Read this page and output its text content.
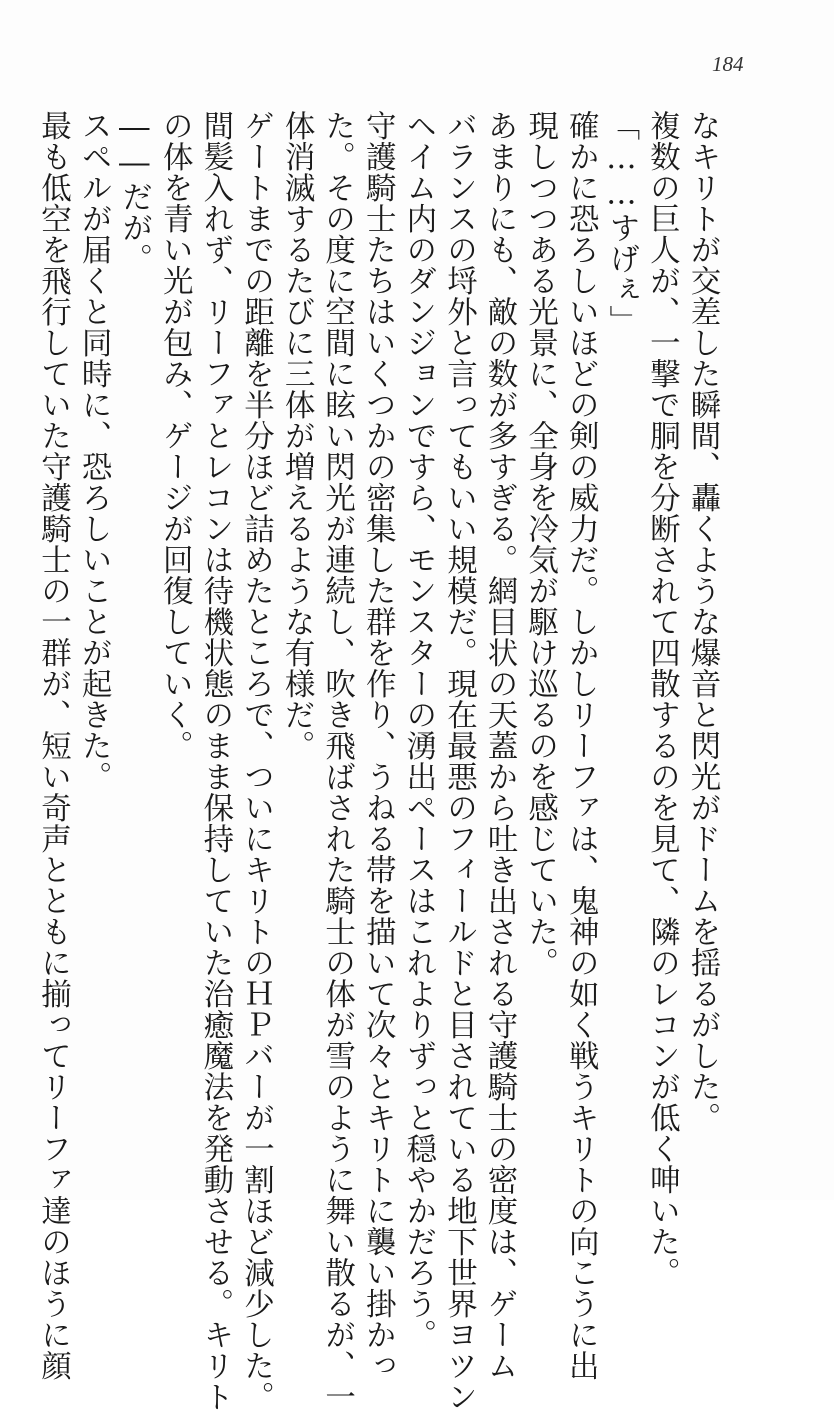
184

なキリトが交差した瞬間、轟くような爆音と閃光がドームを揺るがした。

複数の巨人が、一撃で胴を分断されて四散するのを見て、隣のレコンが低く呻いた。

「……すげぇ」

確かに恐ろしいほどの剣の威力だ。しかしリーファは、鬼神の如く戦うキリトの向こうに出

現しつつある光景に、全身を冷気が駆け巡るのを感じていた。

あまりにも、敵の数が多すぎる。網目状の天蓋から吐き出される守護騎士の密度は、ゲーム

バランスの埒外と言ってもいい規模だ。現在最悪のフィールドと目されている地下世界ヨツン

ヘイム内のダンジョンですら、モンスターの湧出ペースはこれよりずっと穏やかだろう。

守護騎士たちはいくつかの密集した群を作り、うねる帯を描いて次々とキリトに襲い掛かっ

た。その度に空間に眩い閃光が連続し、吹き飛ばされた騎士の体が雪のように舞い散るが、一

体消滅するたびに三体が増えるような有様だ。

ゲートまでの距離を半分ほど詰めたところで、ついにキリトのＨＰバーが一割ほど減少した。

間髪入れず、リーファとレコンは待機状態のまま保持していた治癒魔法を発動させる。キリト

の体を青い光が包み、ゲージが回復していく。

――だが。

スペルが届くと同時に、恐ろしいことが起きた。

最も低空を飛行していた守護騎士の一群が、短い奇声とともに揃ってリーファ達のほうに顔
